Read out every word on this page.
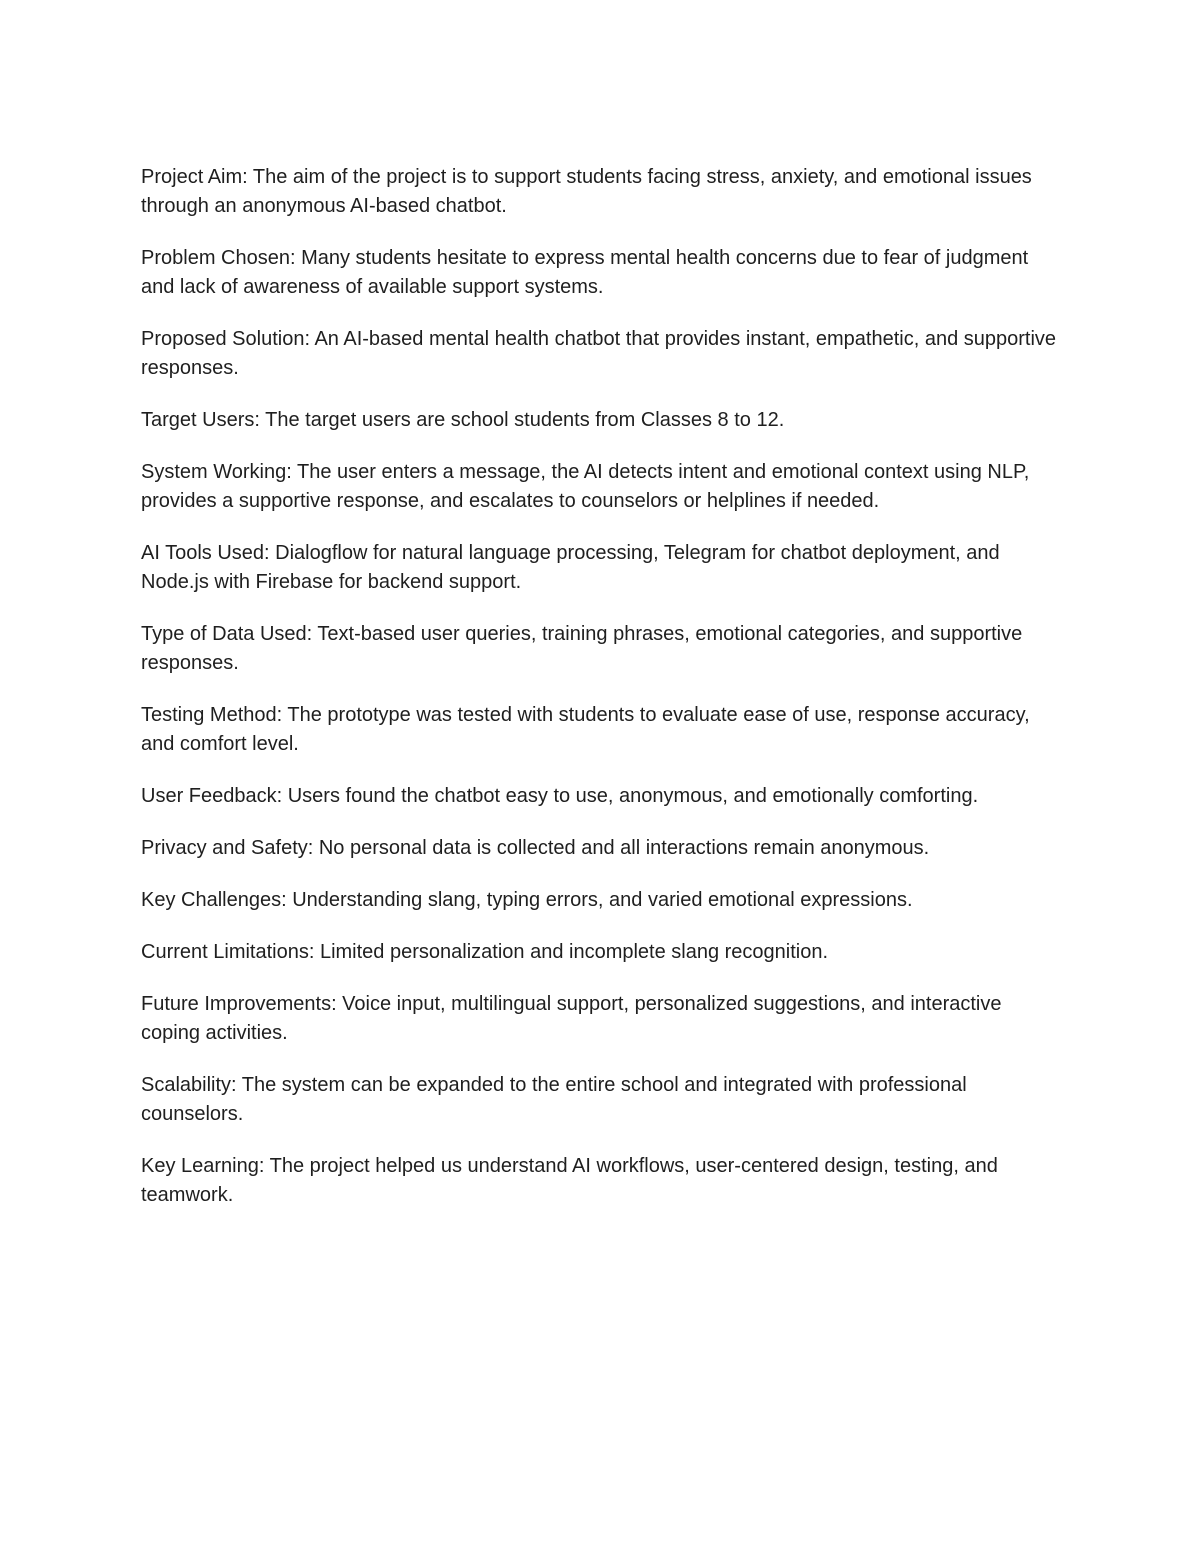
Project Aim: The aim of the project is to support students facing stress, anxiety, and emotional issues through an anonymous AI-based chatbot.

Problem Chosen: Many students hesitate to express mental health concerns due to fear of judgment and lack of awareness of available support systems.

Proposed Solution: An AI-based mental health chatbot that provides instant, empathetic, and supportive responses.

Target Users: The target users are school students from Classes 8 to 12.

System Working: The user enters a message, the AI detects intent and emotional context using NLP, provides a supportive response, and escalates to counselors or helplines if needed.

AI Tools Used: Dialogflow for natural language processing, Telegram for chatbot deployment, and Node.js with Firebase for backend support.

Type of Data Used: Text-based user queries, training phrases, emotional categories, and supportive responses.

Testing Method: The prototype was tested with students to evaluate ease of use, response accuracy, and comfort level.

User Feedback: Users found the chatbot easy to use, anonymous, and emotionally comforting.

Privacy and Safety: No personal data is collected and all interactions remain anonymous.

Key Challenges: Understanding slang, typing errors, and varied emotional expressions.

Current Limitations: Limited personalization and incomplete slang recognition.

Future Improvements: Voice input, multilingual support, personalized suggestions, and interactive coping activities.

Scalability: The system can be expanded to the entire school and integrated with professional counselors.

Key Learning: The project helped us understand AI workflows, user-centered design, testing, and teamwork.
